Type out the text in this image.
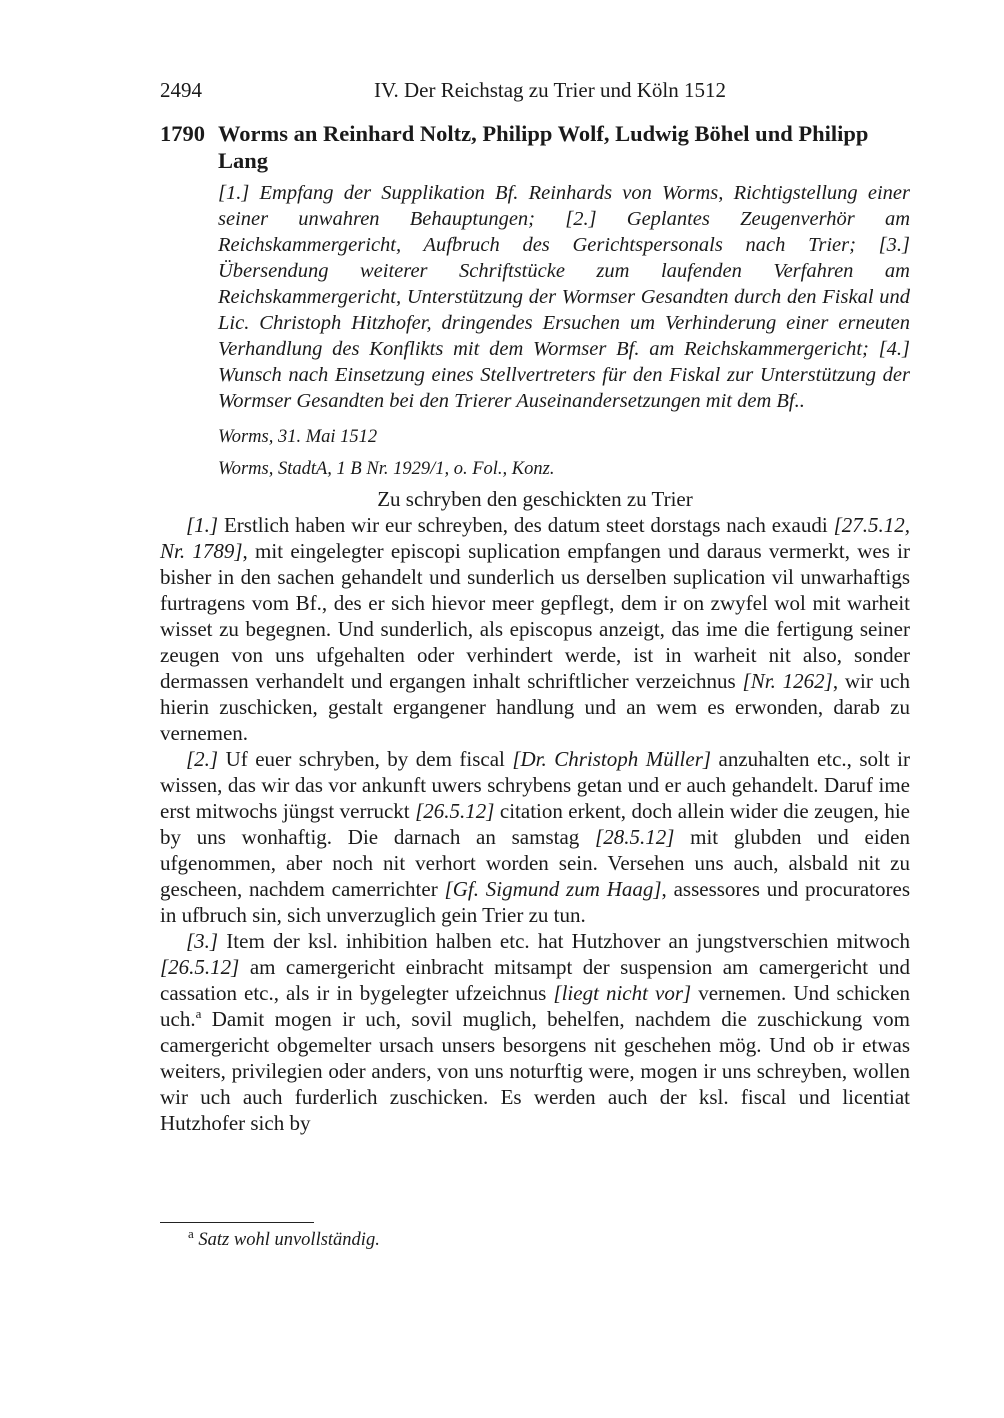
2494	IV. Der Reichstag zu Trier und Köln 1512
1790 Worms an Reinhard Noltz, Philipp Wolf, Ludwig Böhel und Philipp Lang

[1.] Empfang der Supplikation Bf. Reinhards von Worms, Richtigstellung einer seiner unwahren Behauptungen; [2.] Geplantes Zeugenverhör am Reichskammergericht, Aufbruch des Gerichtspersonals nach Trier; [3.] Übersendung weiterer Schriftstücke zum laufenden Verfahren am Reichskammergericht, Unterstützung der Wormser Gesandten durch den Fiskal und Lic. Christoph Hitzhofer, dringendes Ersuchen um Verhinderung einer erneuten Verhandlung des Konflikts mit dem Wormser Bf. am Reichskammergericht; [4.] Wunsch nach Einsetzung eines Stellvertreters für den Fiskal zur Unterstützung der Wormser Gesandten bei den Trierer Auseinandersetzungen mit dem Bf..

Worms, 31. Mai 1512

Worms, StadtA, 1 B Nr. 1929/1, o. Fol., Konz.

Zu schryben den geschickten zu Trier

[1.] Erstlich haben wir eur schreyben, des datum steet dorstags nach exaudi [27.5.12, Nr. 1789], mit eingelegter episcopi suplication empfangen und daraus vermerkt, wes ir bisher in den sachen gehandelt und sunderlich us derselben suplication vil unwarhaftigs furtragens vom Bf., des er sich hievor meer gepflegt, dem ir on zwyfel wol mit warheit wisset zu begegnen. Und sunderlich, als episcopus anzeigt, das ime die fertigung seiner zeugen von uns ufgehalten oder verhindert werde, ist in warheit nit also, sonder dermassen verhandelt und ergangen inhalt schriftlicher verzeichnus [Nr. 1262], wir uch hierin zuschicken, gestalt ergangener handlung und an wem es erwonden, darab zu vernemen.

[2.] Uf euer schryben, by dem fiscal [Dr. Christoph Müller] anzuhalten etc., solt ir wissen, das wir das vor ankunft uwers schrybens getan und er auch gehandelt. Daruf ime erst mitwochs jüngst verruckt [26.5.12] citation erkent, doch allein wider die zeugen, hie by uns wonhaftig. Die darnach an samstag [28.5.12] mit glubden und eiden ufgenommen, aber noch nit verhort worden sein. Versehen uns auch, alsbald nit zu gescheen, nachdem camerrichter [Gf. Sigmund zum Haag], assessores und procuratores in ufbruch sin, sich unverzuglich gein Trier zu tun.

[3.] Item der ksl. inhibition halben etc. hat Hutzhover an jungstverschien mitwoch [26.5.12] am camergericht einbracht mitsampt der suspension am camergericht und cassation etc., als ir in bygelegter ufzeichnus [liegt nicht vor] vernemen. Und schicken uch.$^a$ Damit mogen ir uch, sovil muglich, behelfen, nachdem die zuschickung vom camergericht obgemelter ursach unsers besorgens nit geschehen mög. Und ob ir etwas weiters, privilegien oder anders, von uns noturftig were, mogen ir uns schreyben, wollen wir uch auch furderlich zuschicken. Es werden auch der ksl. fiscal und licentiat Hutzhofer sich by

$^a$ Satz wohl unvollständig.
